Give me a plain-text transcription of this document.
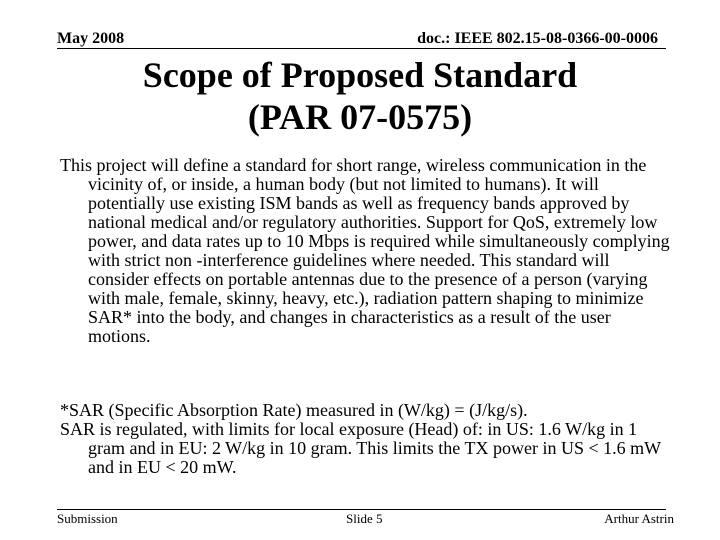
May 2008	doc.: IEEE 802.15-08-0366-00-0006
Scope of Proposed Standard
(PAR 07-0575)

This project will define a standard for short range, wireless communication in the vicinity of, or inside, a human body (but not limited to humans). It will potentially use existing ISM bands as well as frequency bands approved by national medical and/or regulatory authorities. Support for QoS, extremely low power, and data rates up to 10 Mbps is required while simultaneously complying with strict non -interference guidelines where needed. This standard will consider effects on portable antennas due to the presence of a person (varying with male, female, skinny, heavy, etc.), radiation pattern shaping to minimize SAR* into the body, and changes in characteristics as a result of the user motions.

*SAR (Specific Absorption Rate) measured in (W/kg) = (J/kg/s).

SAR is regulated, with limits for local exposure (Head) of: in US: 1.6 W/kg in 1 gram and in EU: 2 W/kg in 10 gram. This limits the TX power in US < 1.6 mW and in EU < 20 mW.

Submission	Slide 5	Arthur Astrin
